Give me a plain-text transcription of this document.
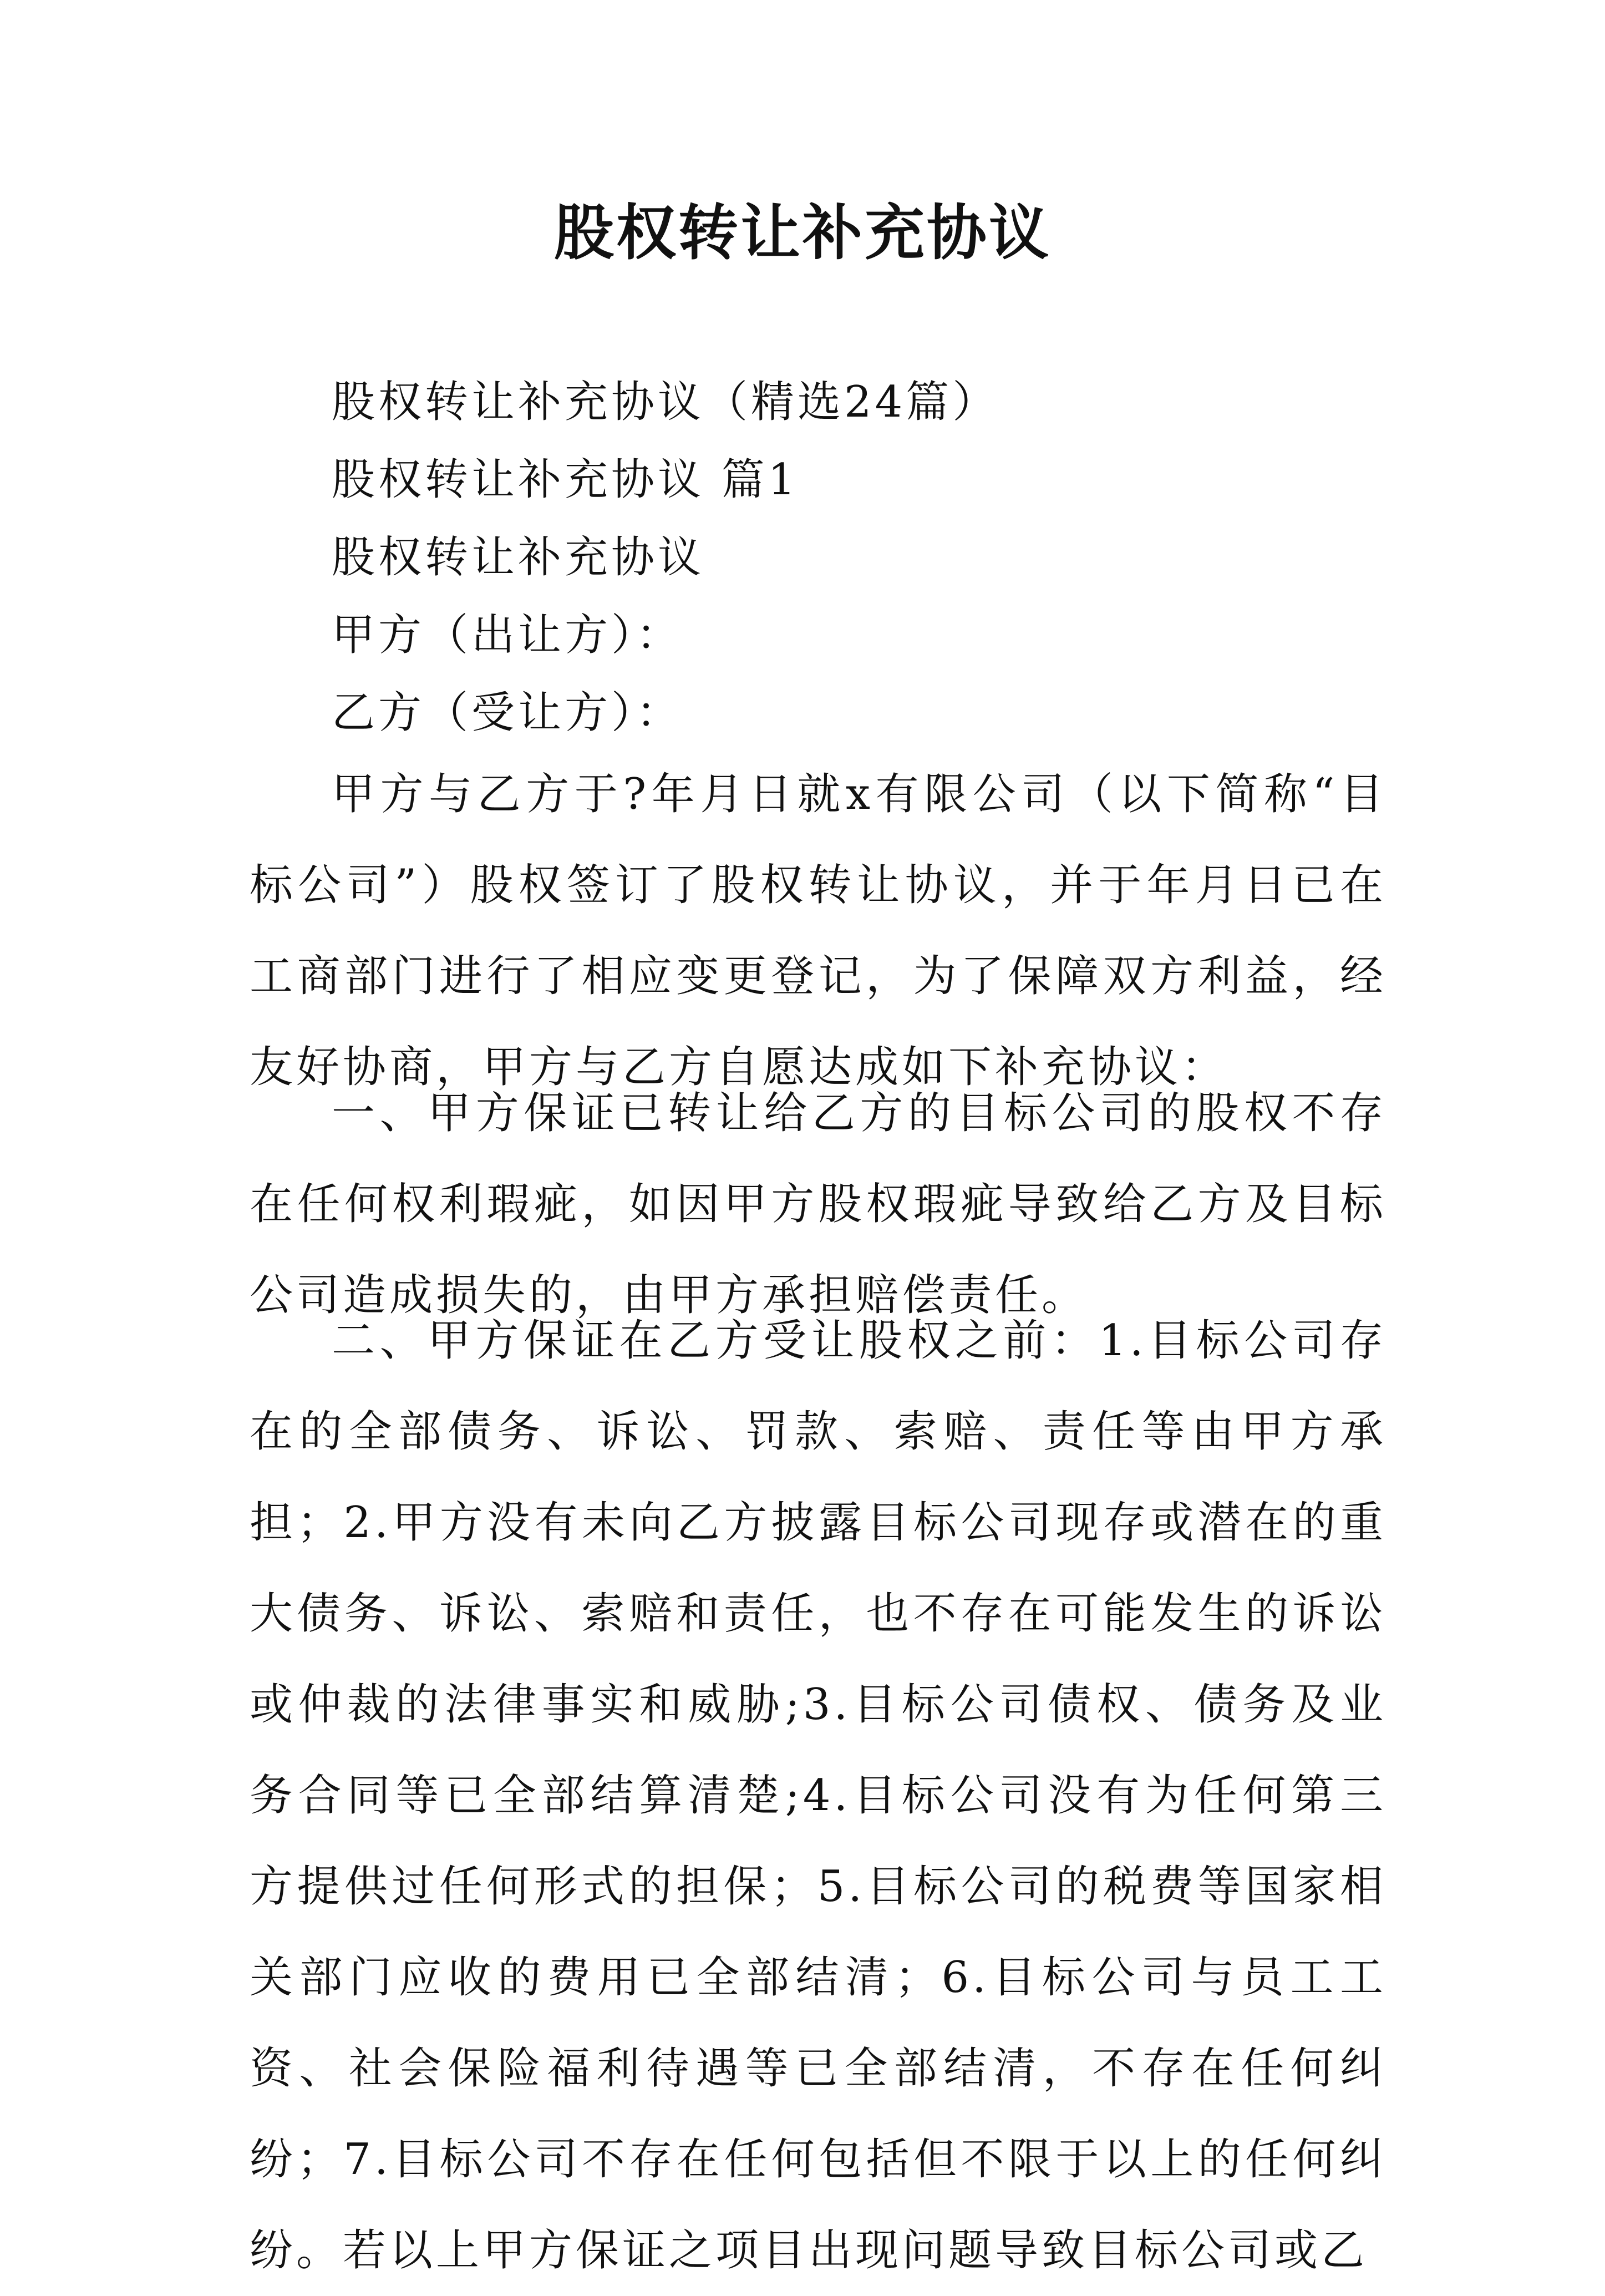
股权转让补充协议
股权转让补充协议（精选24篇）
股权转让补充协议 篇1
股权转让补充协议
甲方（出让方）：
乙方（受让方）：

甲方与乙方于?年月日就x有限公司（以下简称“目标公司”）股权签订了股权转让协议，并于年月日已在工商部门进行了相应变更登记，为了保障双方利益，经友好协商，甲方与乙方自愿达成如下补充协议：

一、甲方保证已转让给乙方的目标公司的股权不存在任何权利瑕疵，如因甲方股权瑕疵导致给乙方及目标公司造成损失的，由甲方承担赔偿责任。

二、甲方保证在乙方受让股权之前：1.目标公司存在的全部债务、诉讼、罚款、索赔、责任等由甲方承担；2.甲方没有未向乙方披露目标公司现存或潜在的重大债务、诉讼、索赔和责任，也不存在可能发生的诉讼或仲裁的法律事实和威胁;3.目标公司债权、债务及业务合同等已全部结算清楚;4.目标公司没有为任何第三方提供过任何形式的担保；5.目标公司的税费等国家相关部门应收的费用已全部结清；6.目标公司与员工工资、社会保险福利待遇等已全部结清，不存在任何纠纷；7.目标公司不存在任何包括但不限于以上的任何纠纷。若以上甲方保证之项目出现问题导致目标公司或乙
